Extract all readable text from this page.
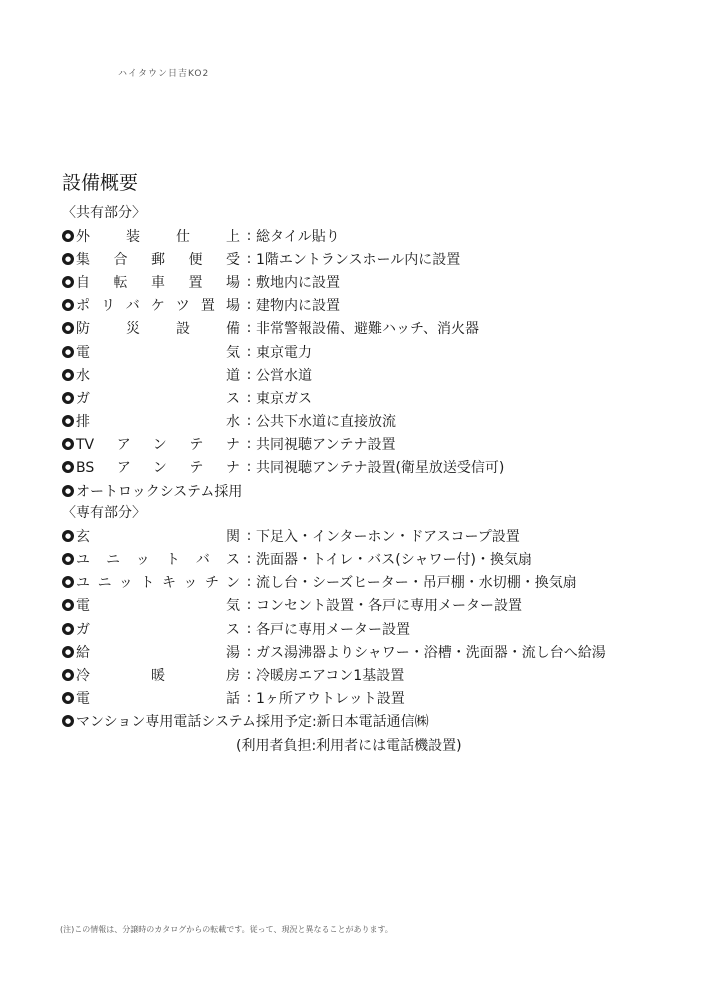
ハイタウン日吉KO2
設備概要
〈共有部分〉
● 外装仕上 : 総タイル貼り
● 集合郵便受 : 1階エントランスホール内に設置
● 自転車置場 : 敷地内に設置
● ポリバケツ置場 : 建物内に設置
● 防災設備 : 非常警報設備、避難ハッチ、消火器
● 電気 : 東京電力
● 水道 : 公営水道
● ガス : 東京ガス
● 排水 : 公共下水道に直接放流
● TVアンテナ : 共同視聴アンテナ設置
● BSアンテナ : 共同視聴アンテナ設置(衛星放送受信可)
● オートロックシステム採用
〈専有部分〉
● 玄関 : 下足入・インターホン・ドアスコープ設置
● ユニットバス : 洗面器・トイレ・バス(シャワー付)・換気扇
● ユニットキッチン : 流し台・シーズヒーター・吊戸棚・水切棚・換気扇
● 電気 : コンセント設置・各戸に専用メーター設置
● ガス : 各戸に専用メーター設置
● 給湯 : ガス湯沸器よりシャワー・浴槽・洗面器・流し台へ給湯
● 冷暖房 : 冷暖房エアコン1基設置
● 電話 : 1ヶ所アウトレット設置
● マンション専用電話システム採用予定:新日本電話通信㈱
(利用者負担:利用者には電話機設置)
(注)この情報は、分譲時のカタログからの転載です。従って、現況と異なることがあります。
